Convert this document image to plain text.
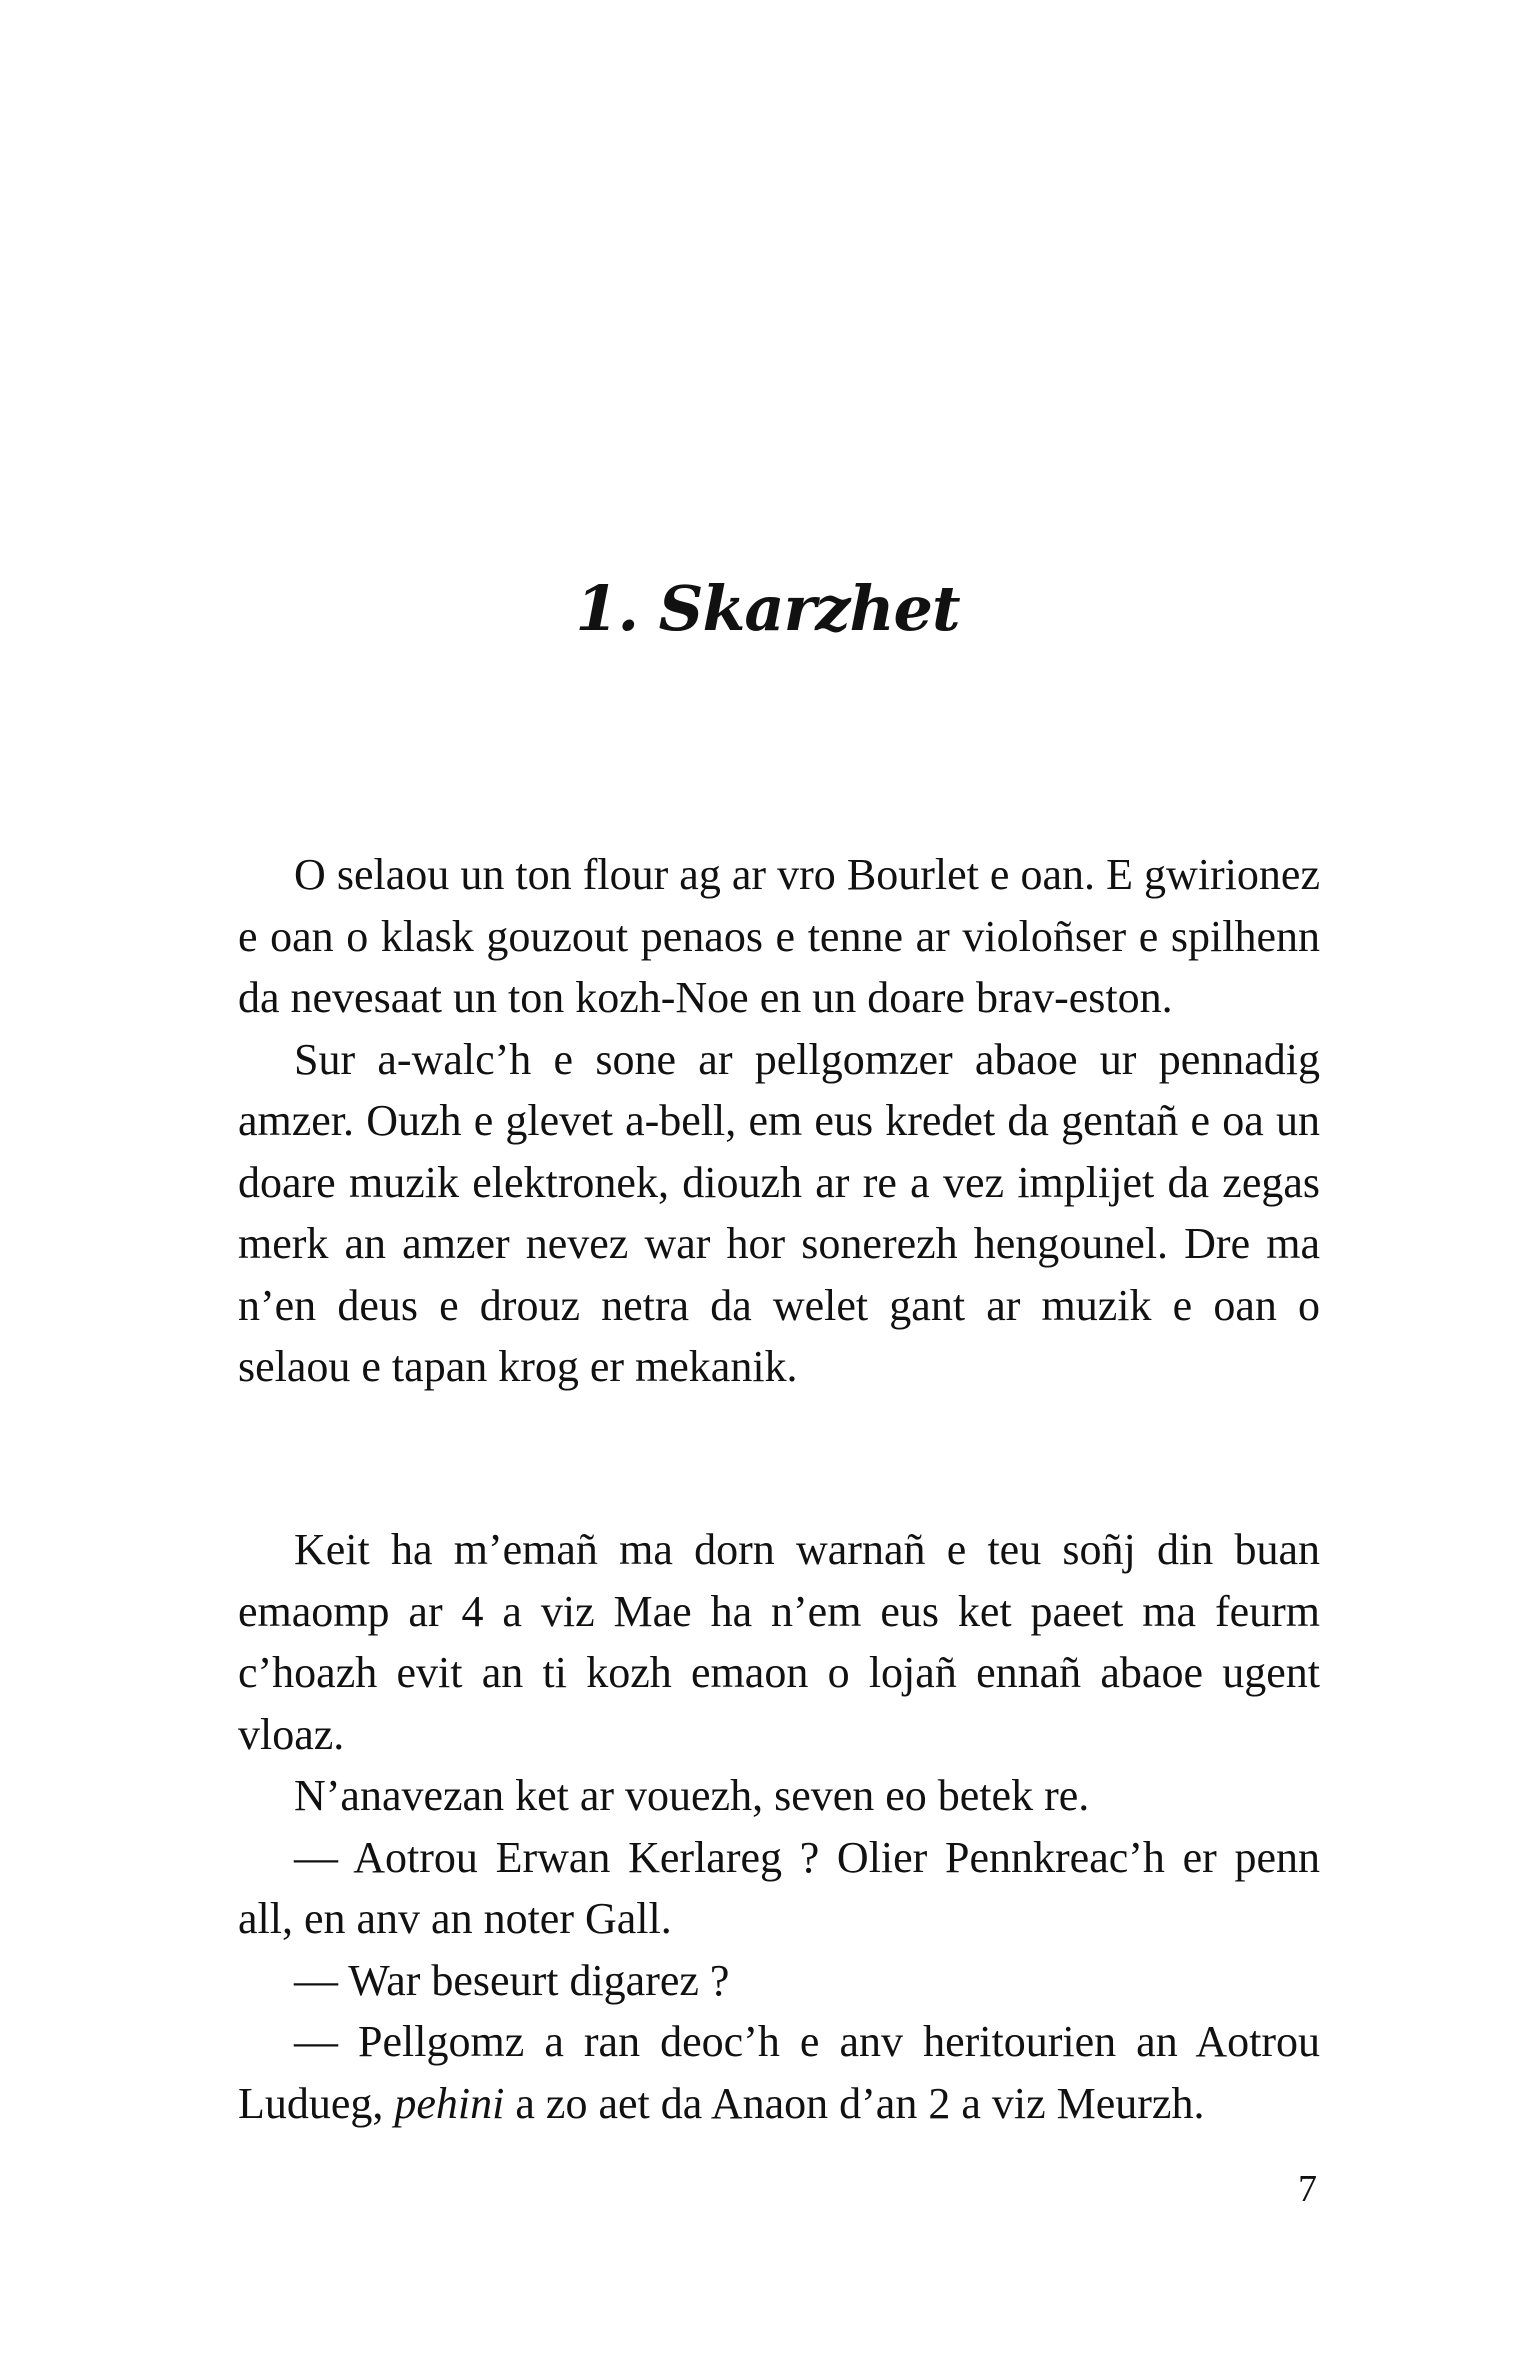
1. Skarzhet

O selaou un ton flour ag ar vro Bourlet e oan. E gwirionez e oan o klask gouzout penaos e tenne ar violoñser e spilhenn da nevesaat un ton kozh-Noe en un doare brav-eston.

Sur a-walc’h e sone ar pellgomzer abaoe ur pennadig amzer. Ouzh e glevet a-bell, em eus kredet da gentañ e oa un doare muzik elektronek, diouzh ar re a vez implijet da zegas merk an amzer nevez war hor sonerezh hengounel. Dre ma n’en deus e drouz netra da welet gant ar muzik e oan o selaou e tapan krog er mekanik.

Keit ha m’emañ ma dorn warnañ e teu soñj din buan emaomp ar 4 a viz Mae ha n’em eus ket paeet ma feurm c’hoazh evit an ti kozh emaon o lojañ ennañ abaoe ugent vloaz.

N’anavezan ket ar vouezh, seven eo betek re.

— Aotrou Erwan Kerlareg ? Olier Pennkreac’h er penn all, en anv an noter Gall.

— War beseurt digarez ?

— Pellgomz a ran deoc’h e anv heritourien an Aotrou Ludueg, pehini a zo aet da Anaon d’an 2 a viz Meurzh.

7
